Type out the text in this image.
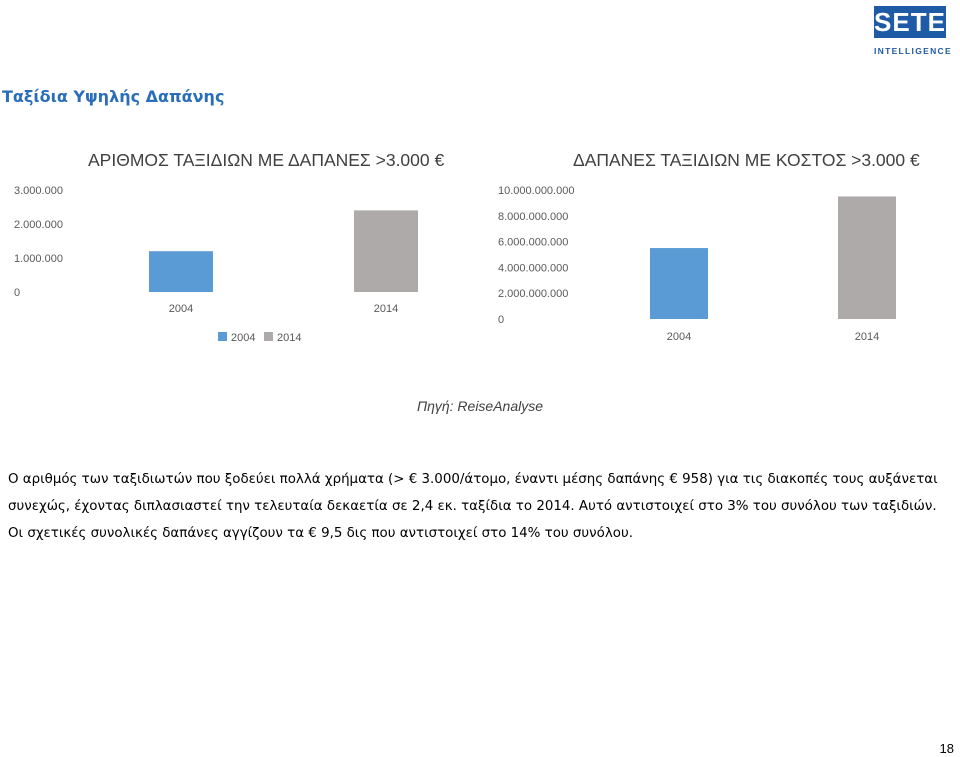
SETE
INTELLIGENCE
Ταξίδια Υψηλής Δαπάνης
ΑΡΙΘΜΟΣ ΤΑΞΙΔΙΩΝ ΜΕ ΔΑΠΑΝΕΣ >3.000 €
0
1.000.000
2.000.000
3.000.000
2004	2014
2004 2014
ΔΑΠΑΝΕΣ ΤΑΞΙΔΙΩΝ ΜΕ ΚΟΣΤΟΣ >3.000 €
0
2.000.000.000
4.000.000.000
6.000.000.000
8.000.000.000
10.000.000.000
2004	2014
Πηγή: ReiseAnalyse

Ο αριθμός των ταξιδιωτών που ξοδεύει πολλά χρήματα (> € 3.000/άτομο, έναντι μέσης δαπάνης € 958) για τις διακοπές τους αυξάνεται συνεχώς, έχοντας διπλασιαστεί την τελευταία δεκαετία σε 2,4 εκ. ταξίδια το 2014. Αυτό αντιστοιχεί στο 3% του συνόλου των ταξιδιών. Οι σχετικές συνολικές δαπάνες αγγίζουν τα € 9,5 δις που αντιστοιχεί στο 14% του συνόλου.

18
